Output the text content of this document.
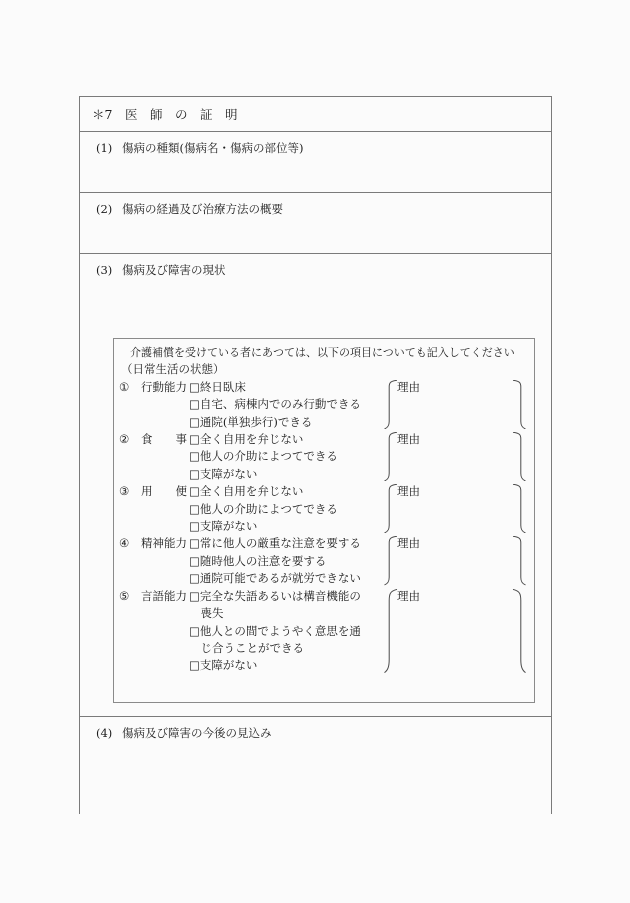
＊7　医　師　の　証　明
(1) 傷病の種類(傷病名・傷病の部位等)
(2) 傷病の経過及び治療方法の概要
(3) 傷病及び障害の現状
介護補償を受けている者にあつては、以下の項目についても記入してください
（日常生活の状態）
①	行動能力 □終日臥床
□自宅、病棟内でのみ行動できる
□通院(単独歩行)できる
理由
②	食　　事 □全く自用を弁じない
□他人の介助によつてできる
□支障がない
理由
③	用　　便 □全く自用を弁じない
□他人の介助によつてできる
□支障がない
理由
④	精神能力 □常に他人の厳重な注意を要する
□随時他人の注意を要する
□通院可能であるが就労できない
理由
⑤	言語能力 □完全な失語あるいは構音機能の喪失
□他人との間でようやく意思を通じ合うことができる
□支障がない
理由
(4) 傷病及び障害の今後の見込み
